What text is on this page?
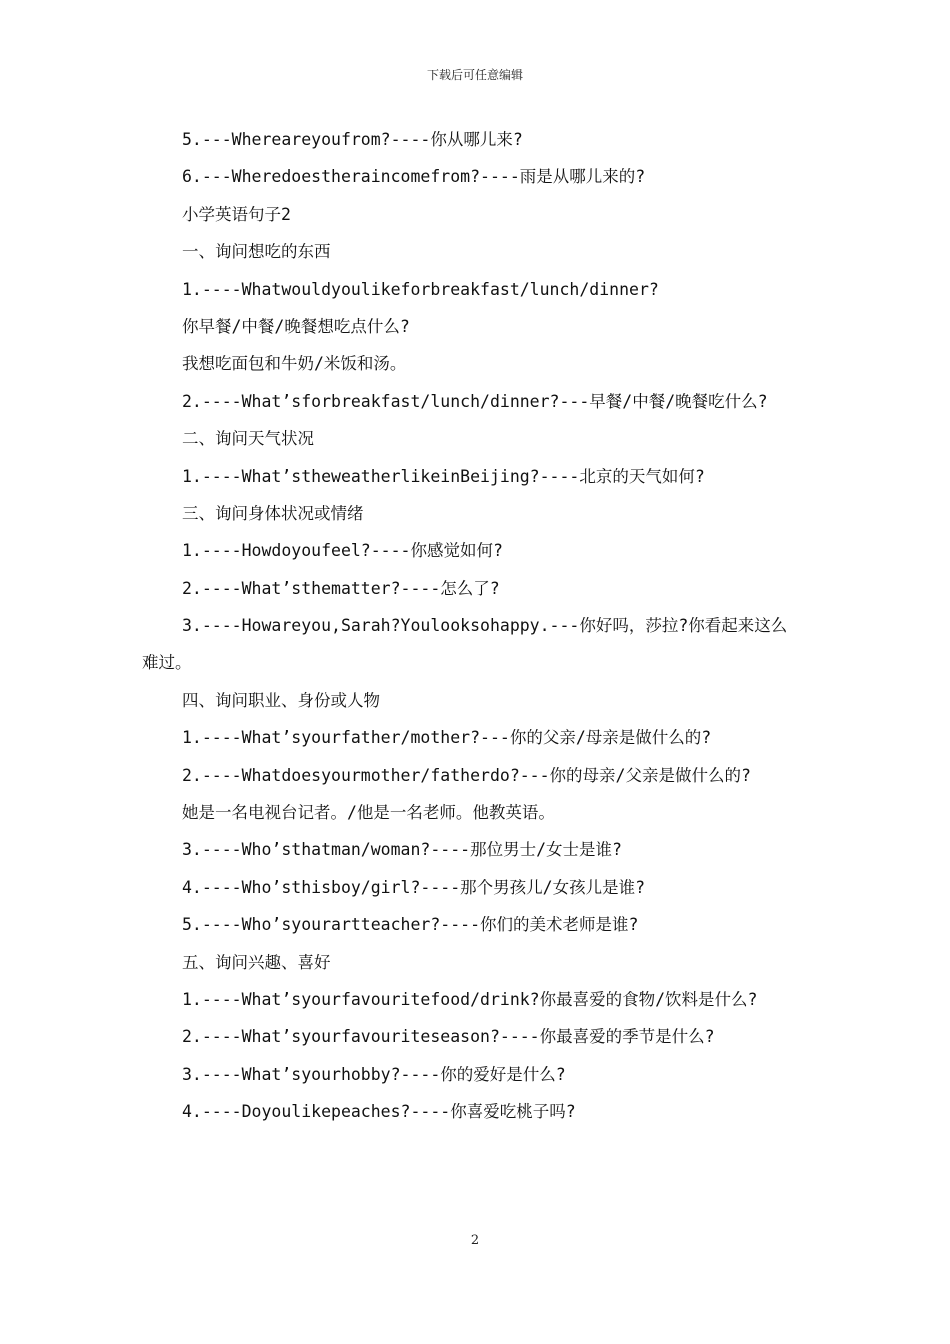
下载后可任意编辑
5.---Whereareyoufrom?----你从哪儿来?
6.---Wheredoestheraincomefrom?----雨是从哪儿来的?
小学英语句子2
一、询问想吃的东西
1.----Whatwouldyoulikeforbreakfast/lunch/dinner?
你早餐/中餐/晚餐想吃点什么?
我想吃面包和牛奶/米饭和汤。
2.----What’sforbreakfast/lunch/dinner?---早餐/中餐/晚餐吃什么?
二、询问天气状况
1.----What’stheweatherlikeinBeijing?----北京的天气如何?
三、询问身体状况或情绪
1.----Howdoyoufeel?----你感觉如何?
2.----What’sthematter?----怎么了?
3.----Howareyou,Sarah?Youlooksohappy.---你好吗，莎拉?你看起来这么
难过。
四、询问职业、身份或人物
1.----What’syourfather/mother?---你的父亲/母亲是做什么的?
2.----Whatdoesyourmother/fatherdo?---你的母亲/父亲是做什么的?
她是一名电视台记者。/他是一名老师。他教英语。
3.----Who’sthatman/woman?----那位男士/女士是谁?
4.----Who’sthisboy/girl?----那个男孩儿/女孩儿是谁?
5.----Who’syourartteacher?----你们的美术老师是谁?
五、询问兴趣、喜好
1.----What’syourfavouritefood/drink?你最喜爱的食物/饮料是什么?
2.----What’syourfavouriteseason?----你最喜爱的季节是什么?
3.----What’syourhobby?----你的爱好是什么?
4.----Doyoulikepeaches?----你喜爱吃桃子吗?
2
